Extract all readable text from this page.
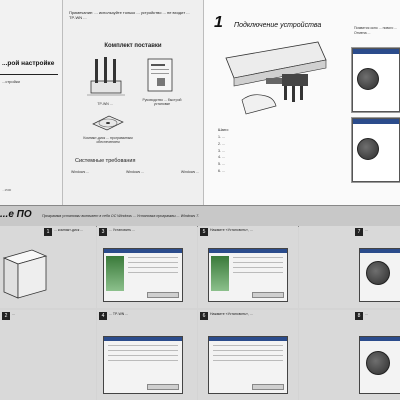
...рой настройке
...стройки
...1500
Примечание: ... используйте только ... устройство ... не входит ... TP-WN ...
Комплект поставки
TP-WN ...
Руководство ... быстрой установке
Компакт-диск ... программным обеспечением
Системные требования
Windows ...	Windows ...	Windows ...
1 Подключение устройства	Появится окно ... нового ... Отмена ...
Шаги:
1. ...
2. ...
3. ...
4. ...
5. ...
6. ...
...е ПО	Программа установки включает в себя ОС Windows ... Установка программы ... Windows 7.
1	... компакт-диск ...	3	... Установить ...	5	Нажмите «Установить», ...	7	...
2	...	4	... TP-WN ...	6	Нажмите «Установить», ...	8	...
